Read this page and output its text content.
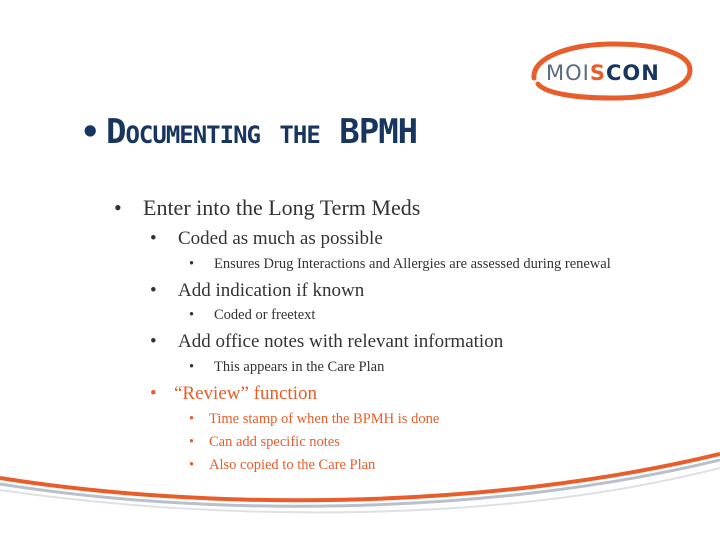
MOISCON
• Documenting the BPMH
• Enter into the Long Term Meds
• Coded as much as possible
• Ensures Drug Interactions and Allergies are assessed during renewal
• Add indication if known
• Coded or freetext
• Add office notes with relevant information
• This appears in the Care Plan
• “Review” function
• Time stamp of when the BPMH is done
• Can add specific notes
• Also copied to the Care Plan
